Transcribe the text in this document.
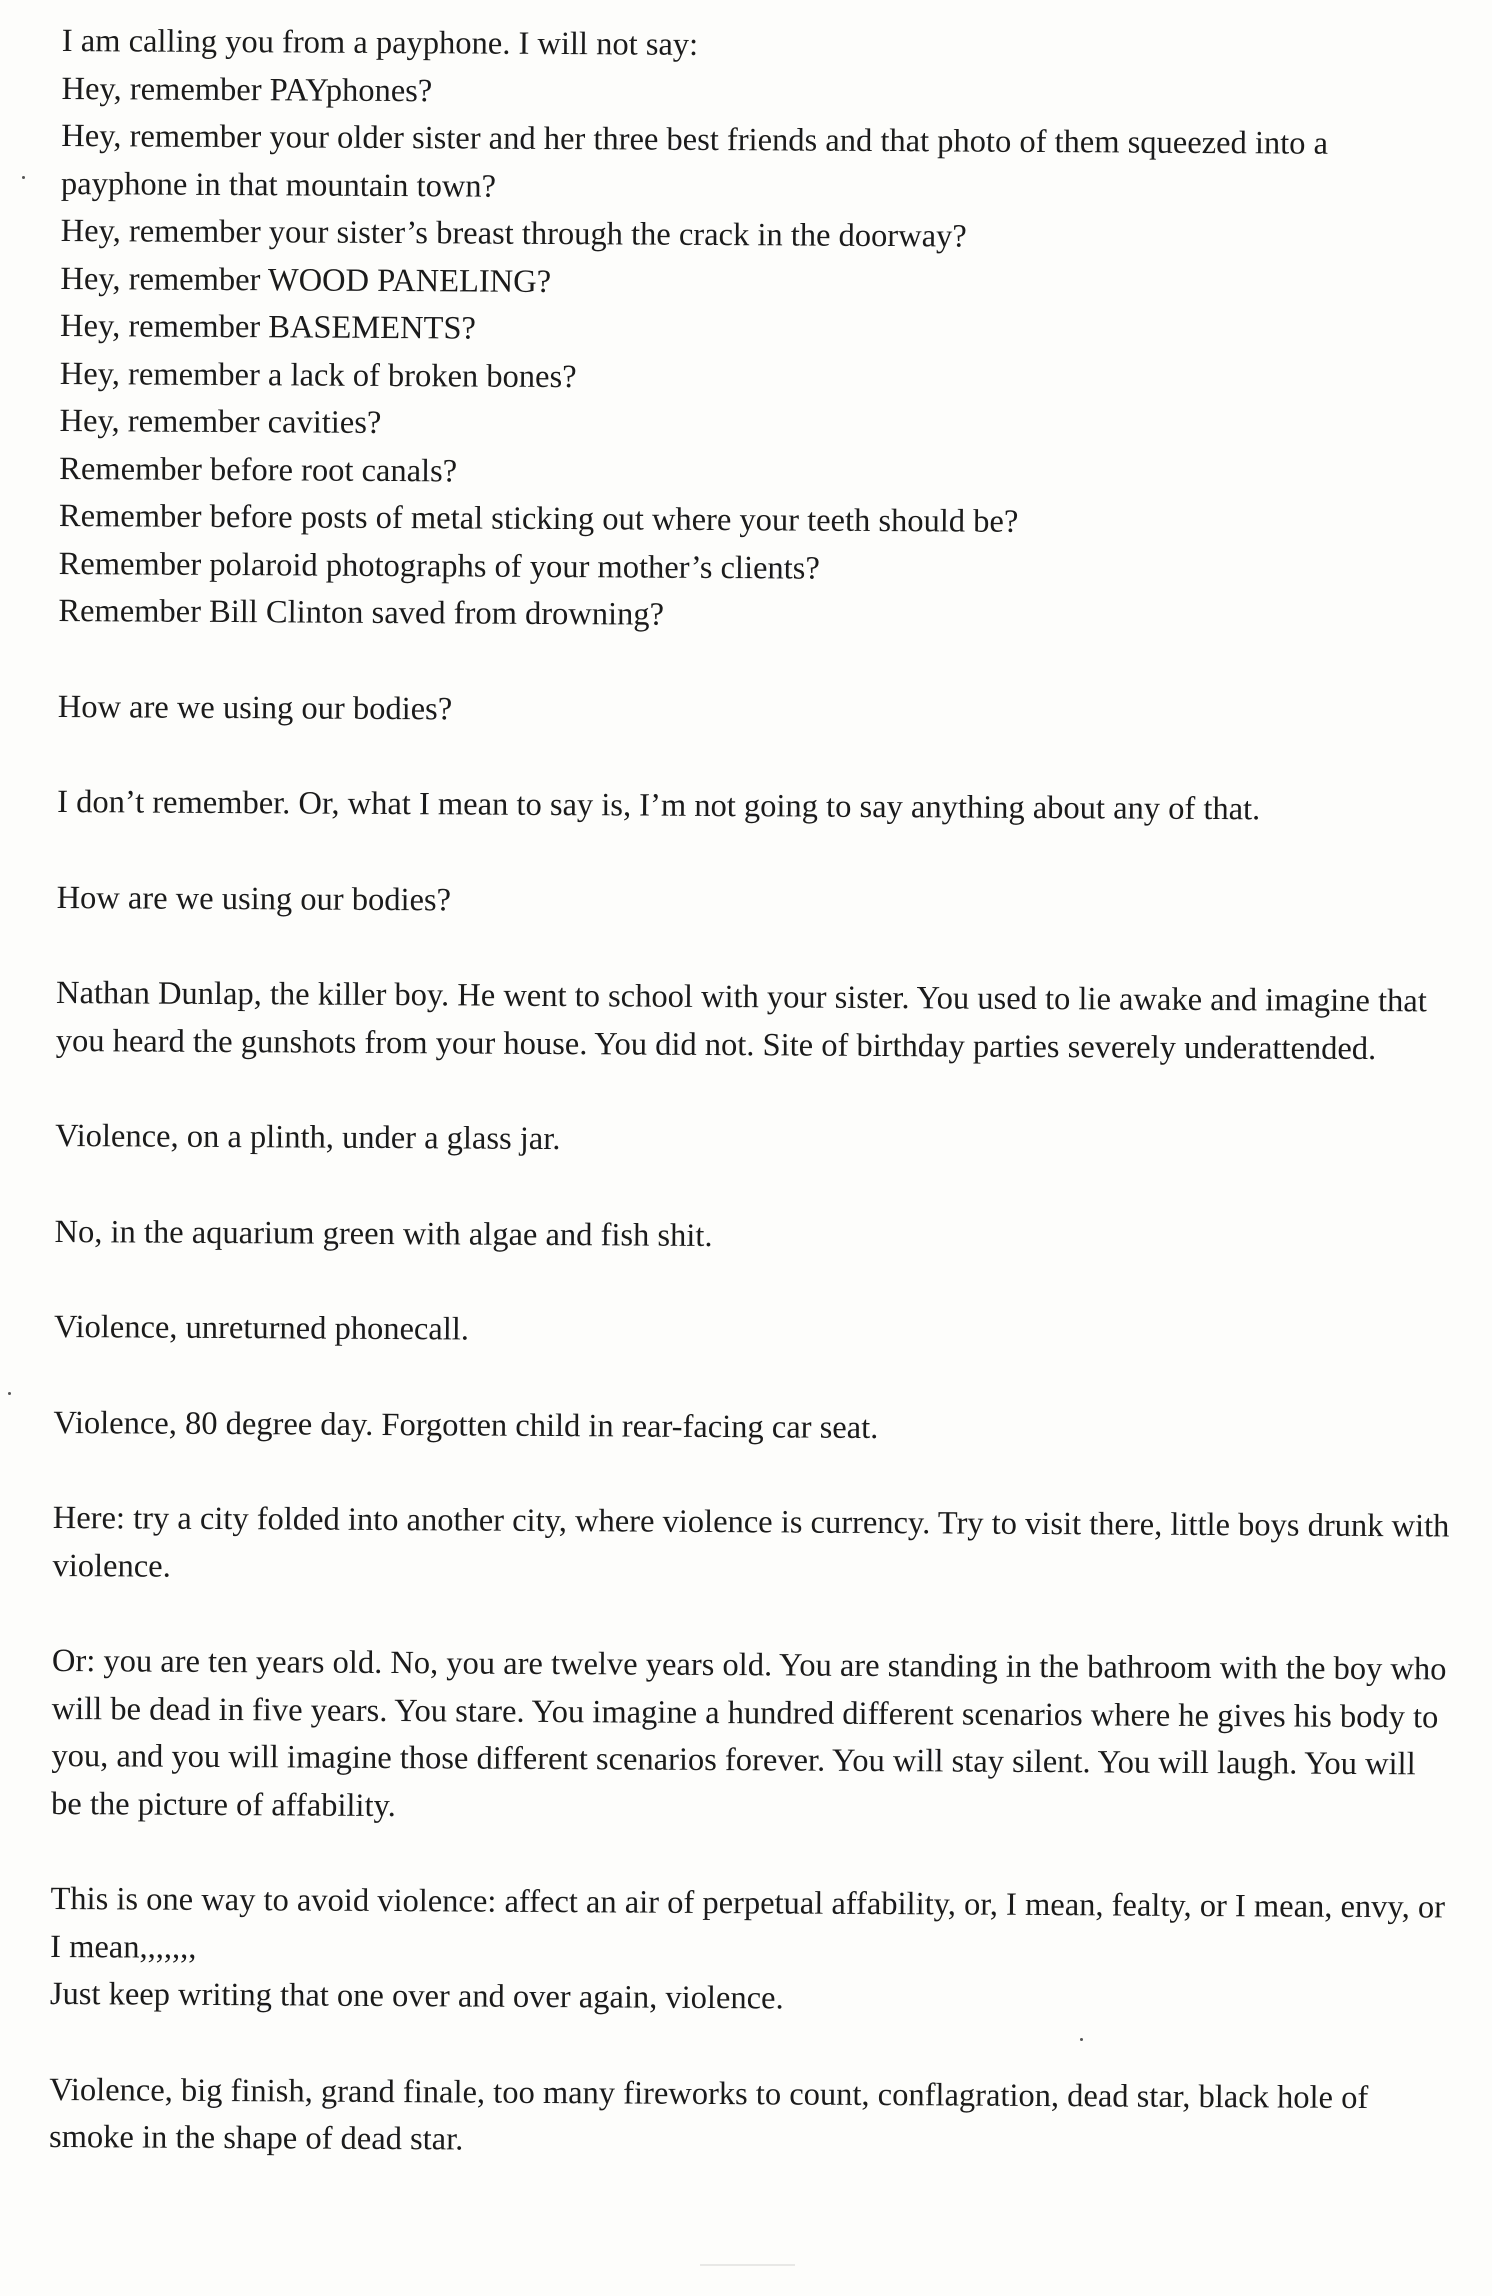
I am calling you from a payphone. I will not say:
Hey, remember PAYphones?
Hey, remember your older sister and her three best friends and that photo of them squeezed into a payphone in that mountain town?
Hey, remember your sister’s breast through the crack in the doorway?
Hey, remember WOOD PANELING?
Hey, remember BASEMENTS?
Hey, remember a lack of broken bones?
Hey, remember cavities?
Remember before root canals?
Remember before posts of metal sticking out where your teeth should be?
Remember polaroid photographs of your mother’s clients?
Remember Bill Clinton saved from drowning?
How are we using our bodies?
I don’t remember. Or, what I mean to say is, I’m not going to say anything about any of that.
How are we using our bodies?
Nathan Dunlap, the killer boy. He went to school with your sister. You used to lie awake and imagine that you heard the gunshots from your house. You did not. Site of birthday parties severely underattended.
Violence, on a plinth, under a glass jar.
No, in the aquarium green with algae and fish shit.
Violence, unreturned phonecall.
Violence, 80 degree day. Forgotten child in rear-facing car seat.
Here: try a city folded into another city, where violence is currency. Try to visit there, little boys drunk with violence.
Or: you are ten years old. No, you are twelve years old. You are standing in the bathroom with the boy who will be dead in five years. You stare. You imagine a hundred different scenarios where he gives his body to you, and you will imagine those different scenarios forever. You will stay silent. You will laugh. You will be the picture of affability.
This is one way to avoid violence: affect an air of perpetual affability, or, I mean, fealty, or I mean, envy, or I mean,,,,,,,
Just keep writing that one over and over again, violence.
Violence, big finish, grand finale, too many fireworks to count, conflagration, dead star, black hole of smoke in the shape of dead star.
